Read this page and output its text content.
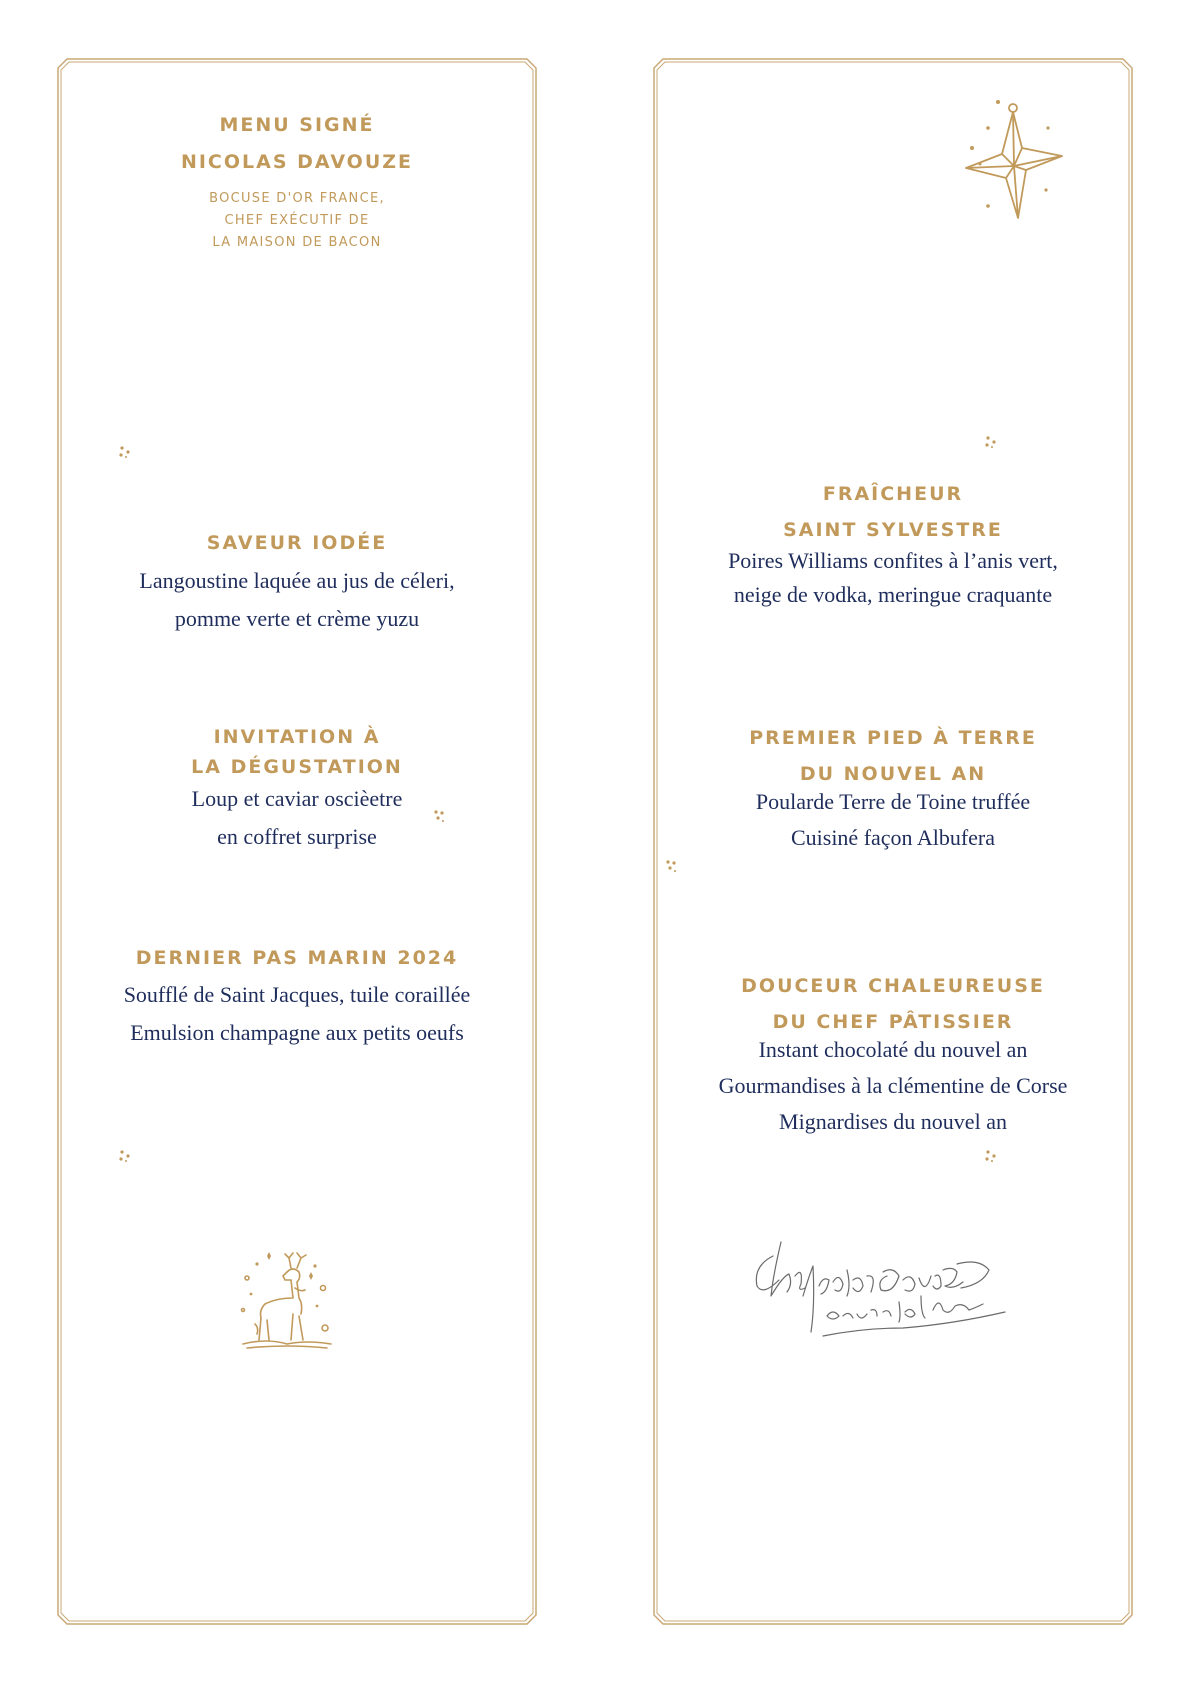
MENU SIGNÉ
NICOLAS DAVOUZE
BOCUSE D'OR FRANCE,
CHEF EXÉCUTIF DE
LA MAISON DE BACON
SAVEUR IODÉE
Langoustine laquée au jus de céleri,
pomme verte et crème yuzu
INVITATION À
LA DÉGUSTATION
Loup et caviar oscièetre
en coffret surprise
DERNIER PAS MARIN 2024
Soufflé de Saint Jacques, tuile coraillée
Emulsion champagne aux petits oeufs
FRAÎCHEUR
SAINT SYLVESTRE
Poires Williams confites à l’anis vert,
neige de vodka, meringue craquante
PREMIER PIED À TERRE
DU NOUVEL AN
Poularde Terre de Toine truffée
Cuisiné façon Albufera
DOUCEUR CHALEUREUSE
DU CHEF PÂTISSIER
Instant chocolaté du nouvel an
Gourmandises à la clémentine de Corse
Mignardises du nouvel an
